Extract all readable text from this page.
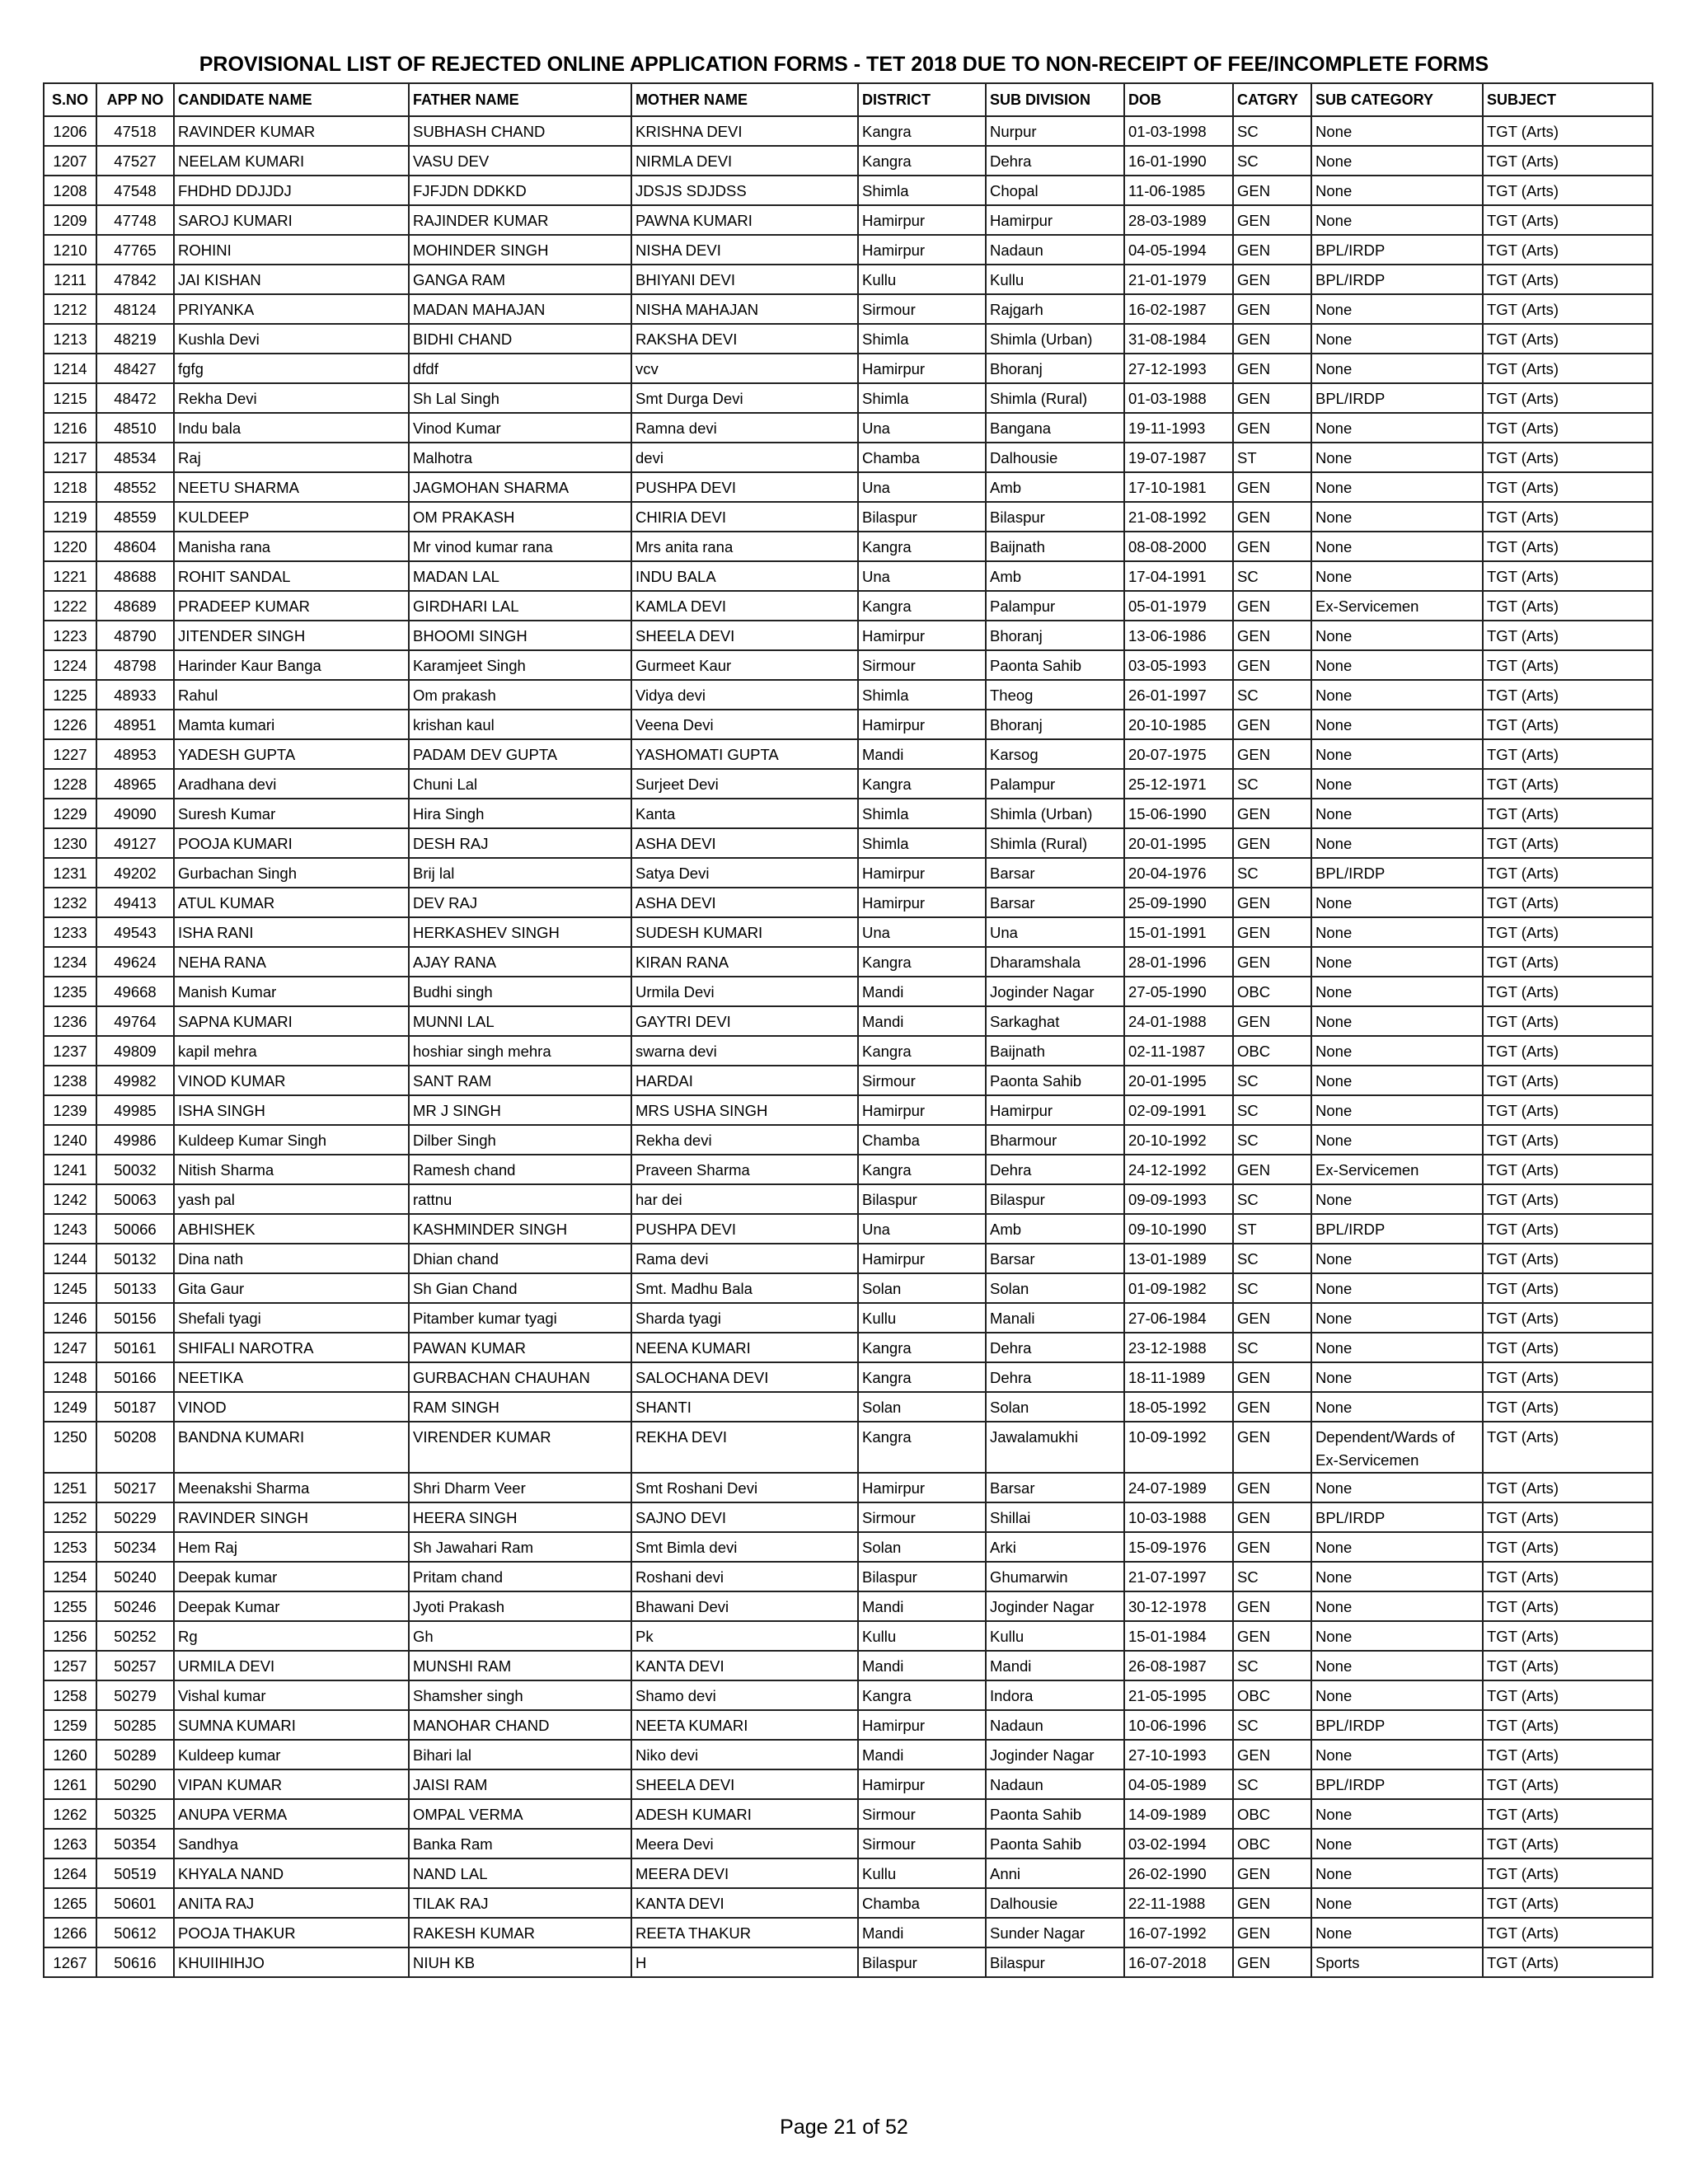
PROVISIONAL LIST OF REJECTED ONLINE APPLICATION FORMS - TET 2018 DUE TO NON-RECEIPT OF FEE/INCOMPLETE FORMS
S.NO	APP NO	CANDIDATE NAME	FATHER NAME	MOTHER NAME	DISTRICT	SUB DIVISION	DOB	CATGRY	SUB CATEGORY	SUBJECT
1206	47518	RAVINDER KUMAR	SUBHASH CHAND	KRISHNA DEVI	Kangra	Nurpur	01-03-1998	SC	None	TGT (Arts)
1207	47527	NEELAM KUMARI	VASU DEV	NIRMLA DEVI	Kangra	Dehra	16-01-1990	SC	None	TGT (Arts)
1208	47548	FHDHD DDJJDJ	FJFJDN DDKKD	JDSJS SDJDSS	Shimla	Chopal	11-06-1985	GEN	None	TGT (Arts)
1209	47748	SAROJ KUMARI	RAJINDER KUMAR	PAWNA KUMARI	Hamirpur	Hamirpur	28-03-1989	GEN	None	TGT (Arts)
1210	47765	ROHINI	MOHINDER SINGH	NISHA DEVI	Hamirpur	Nadaun	04-05-1994	GEN	BPL/IRDP	TGT (Arts)
1211	47842	JAI KISHAN	GANGA RAM	BHIYANI DEVI	Kullu	Kullu	21-01-1979	GEN	BPL/IRDP	TGT (Arts)
1212	48124	PRIYANKA	MADAN MAHAJAN	NISHA MAHAJAN	Sirmour	Rajgarh	16-02-1987	GEN	None	TGT (Arts)
1213	48219	Kushla Devi	BIDHI CHAND	RAKSHA DEVI	Shimla	Shimla (Urban)	31-08-1984	GEN	None	TGT (Arts)
1214	48427	fgfg	dfdf	vcv	Hamirpur	Bhoranj	27-12-1993	GEN	None	TGT (Arts)
1215	48472	Rekha Devi	Sh Lal Singh	Smt Durga Devi	Shimla	Shimla (Rural)	01-03-1988	GEN	BPL/IRDP	TGT (Arts)
1216	48510	Indu bala	Vinod Kumar	Ramna devi	Una	Bangana	19-11-1993	GEN	None	TGT (Arts)
1217	48534	Raj	Malhotra	devi	Chamba	Dalhousie	19-07-1987	ST	None	TGT (Arts)
1218	48552	NEETU SHARMA	JAGMOHAN SHARMA	PUSHPA DEVI	Una	Amb	17-10-1981	GEN	None	TGT (Arts)
1219	48559	KULDEEP	OM PRAKASH	CHIRIA DEVI	Bilaspur	Bilaspur	21-08-1992	GEN	None	TGT (Arts)
1220	48604	Manisha rana	Mr vinod kumar rana	Mrs anita rana	Kangra	Baijnath	08-08-2000	GEN	None	TGT (Arts)
1221	48688	ROHIT SANDAL	MADAN LAL	INDU BALA	Una	Amb	17-04-1991	SC	None	TGT (Arts)
1222	48689	PRADEEP KUMAR	GIRDHARI LAL	KAMLA DEVI	Kangra	Palampur	05-01-1979	GEN	Ex-Servicemen	TGT (Arts)
1223	48790	JITENDER SINGH	BHOOMI SINGH	SHEELA DEVI	Hamirpur	Bhoranj	13-06-1986	GEN	None	TGT (Arts)
1224	48798	Harinder Kaur Banga	Karamjeet Singh	Gurmeet Kaur	Sirmour	Paonta Sahib	03-05-1993	GEN	None	TGT (Arts)
1225	48933	Rahul	Om prakash	Vidya devi	Shimla	Theog	26-01-1997	SC	None	TGT (Arts)
1226	48951	Mamta kumari	krishan kaul	Veena Devi	Hamirpur	Bhoranj	20-10-1985	GEN	None	TGT (Arts)
1227	48953	YADESH GUPTA	PADAM DEV GUPTA	YASHOMATI GUPTA	Mandi	Karsog	20-07-1975	GEN	None	TGT (Arts)
1228	48965	Aradhana devi	Chuni Lal	Surjeet Devi	Kangra	Palampur	25-12-1971	SC	None	TGT (Arts)
1229	49090	Suresh Kumar	Hira Singh	Kanta	Shimla	Shimla (Urban)	15-06-1990	GEN	None	TGT (Arts)
1230	49127	POOJA KUMARI	DESH RAJ	ASHA DEVI	Shimla	Shimla (Rural)	20-01-1995	GEN	None	TGT (Arts)
1231	49202	Gurbachan Singh	Brij lal	Satya Devi	Hamirpur	Barsar	20-04-1976	SC	BPL/IRDP	TGT (Arts)
1232	49413	ATUL KUMAR	DEV RAJ	ASHA DEVI	Hamirpur	Barsar	25-09-1990	GEN	None	TGT (Arts)
1233	49543	ISHA RANI	HERKASHEV SINGH	SUDESH KUMARI	Una	Una	15-01-1991	GEN	None	TGT (Arts)
1234	49624	NEHA RANA	AJAY RANA	KIRAN RANA	Kangra	Dharamshala	28-01-1996	GEN	None	TGT (Arts)
1235	49668	Manish Kumar	Budhi singh	Urmila Devi	Mandi	Joginder Nagar	27-05-1990	OBC	None	TGT (Arts)
1236	49764	SAPNA KUMARI	MUNNI LAL	GAYTRI DEVI	Mandi	Sarkaghat	24-01-1988	GEN	None	TGT (Arts)
1237	49809	kapil mehra	hoshiar singh mehra	swarna devi	Kangra	Baijnath	02-11-1987	OBC	None	TGT (Arts)
1238	49982	VINOD KUMAR	SANT RAM	HARDAI	Sirmour	Paonta Sahib	20-01-1995	SC	None	TGT (Arts)
1239	49985	ISHA SINGH	MR J SINGH	MRS USHA SINGH	Hamirpur	Hamirpur	02-09-1991	SC	None	TGT (Arts)
1240	49986	Kuldeep Kumar Singh	Dilber Singh	Rekha devi	Chamba	Bharmour	20-10-1992	SC	None	TGT (Arts)
1241	50032	Nitish Sharma	Ramesh chand	Praveen Sharma	Kangra	Dehra	24-12-1992	GEN	Ex-Servicemen	TGT (Arts)
1242	50063	yash pal	rattnu	har dei	Bilaspur	Bilaspur	09-09-1993	SC	None	TGT (Arts)
1243	50066	ABHISHEK	KASHMINDER SINGH	PUSHPA DEVI	Una	Amb	09-10-1990	ST	BPL/IRDP	TGT (Arts)
1244	50132	Dina nath	Dhian chand	Rama devi	Hamirpur	Barsar	13-01-1989	SC	None	TGT (Arts)
1245	50133	Gita Gaur	Sh Gian Chand	Smt. Madhu Bala	Solan	Solan	01-09-1982	SC	None	TGT (Arts)
1246	50156	Shefali tyagi	Pitamber kumar tyagi	Sharda tyagi	Kullu	Manali	27-06-1984	GEN	None	TGT (Arts)
1247	50161	SHIFALI NAROTRA	PAWAN KUMAR	NEENA KUMARI	Kangra	Dehra	23-12-1988	SC	None	TGT (Arts)
1248	50166	NEETIKA	GURBACHAN CHAUHAN	SALOCHANA DEVI	Kangra	Dehra	18-11-1989	GEN	None	TGT (Arts)
1249	50187	VINOD	RAM SINGH	SHANTI	Solan	Solan	18-05-1992	GEN	None	TGT (Arts)
1250	50208	BANDNA KUMARI	VIRENDER KUMAR	REKHA DEVI	Kangra	Jawalamukhi	10-09-1992	GEN	Dependent/Wards of Ex-Servicemen	TGT (Arts)
1251	50217	Meenakshi Sharma	Shri Dharm Veer	Smt Roshani Devi	Hamirpur	Barsar	24-07-1989	GEN	None	TGT (Arts)
1252	50229	RAVINDER SINGH	HEERA SINGH	SAJNO DEVI	Sirmour	Shillai	10-03-1988	GEN	BPL/IRDP	TGT (Arts)
1253	50234	Hem Raj	Sh Jawahari Ram	Smt Bimla devi	Solan	Arki	15-09-1976	GEN	None	TGT (Arts)
1254	50240	Deepak kumar	Pritam chand	Roshani devi	Bilaspur	Ghumarwin	21-07-1997	SC	None	TGT (Arts)
1255	50246	Deepak Kumar	Jyoti Prakash	Bhawani Devi	Mandi	Joginder Nagar	30-12-1978	GEN	None	TGT (Arts)
1256	50252	Rg	Gh	Pk	Kullu	Kullu	15-01-1984	GEN	None	TGT (Arts)
1257	50257	URMILA DEVI	MUNSHI RAM	KANTA DEVI	Mandi	Mandi	26-08-1987	SC	None	TGT (Arts)
1258	50279	Vishal kumar	Shamsher singh	Shamo devi	Kangra	Indora	21-05-1995	OBC	None	TGT (Arts)
1259	50285	SUMNA KUMARI	MANOHAR CHAND	NEETA KUMARI	Hamirpur	Nadaun	10-06-1996	SC	BPL/IRDP	TGT (Arts)
1260	50289	Kuldeep kumar	Bihari lal	Niko devi	Mandi	Joginder Nagar	27-10-1993	GEN	None	TGT (Arts)
1261	50290	VIPAN KUMAR	JAISI RAM	SHEELA DEVI	Hamirpur	Nadaun	04-05-1989	SC	BPL/IRDP	TGT (Arts)
1262	50325	ANUPA VERMA	OMPAL VERMA	ADESH KUMARI	Sirmour	Paonta Sahib	14-09-1989	OBC	None	TGT (Arts)
1263	50354	Sandhya	Banka Ram	Meera Devi	Sirmour	Paonta Sahib	03-02-1994	OBC	None	TGT (Arts)
1264	50519	KHYALA NAND	NAND LAL	MEERA DEVI	Kullu	Anni	26-02-1990	GEN	None	TGT (Arts)
1265	50601	ANITA RAJ	TILAK RAJ	KANTA DEVI	Chamba	Dalhousie	22-11-1988	GEN	None	TGT (Arts)
1266	50612	POOJA THAKUR	RAKESH KUMAR	REETA THAKUR	Mandi	Sunder Nagar	16-07-1992	GEN	None	TGT (Arts)
1267	50616	KHUIIHIHJO	NIUH KB	H	Bilaspur	Bilaspur	16-07-2018	GEN	Sports	TGT (Arts)
Page 21 of 52
